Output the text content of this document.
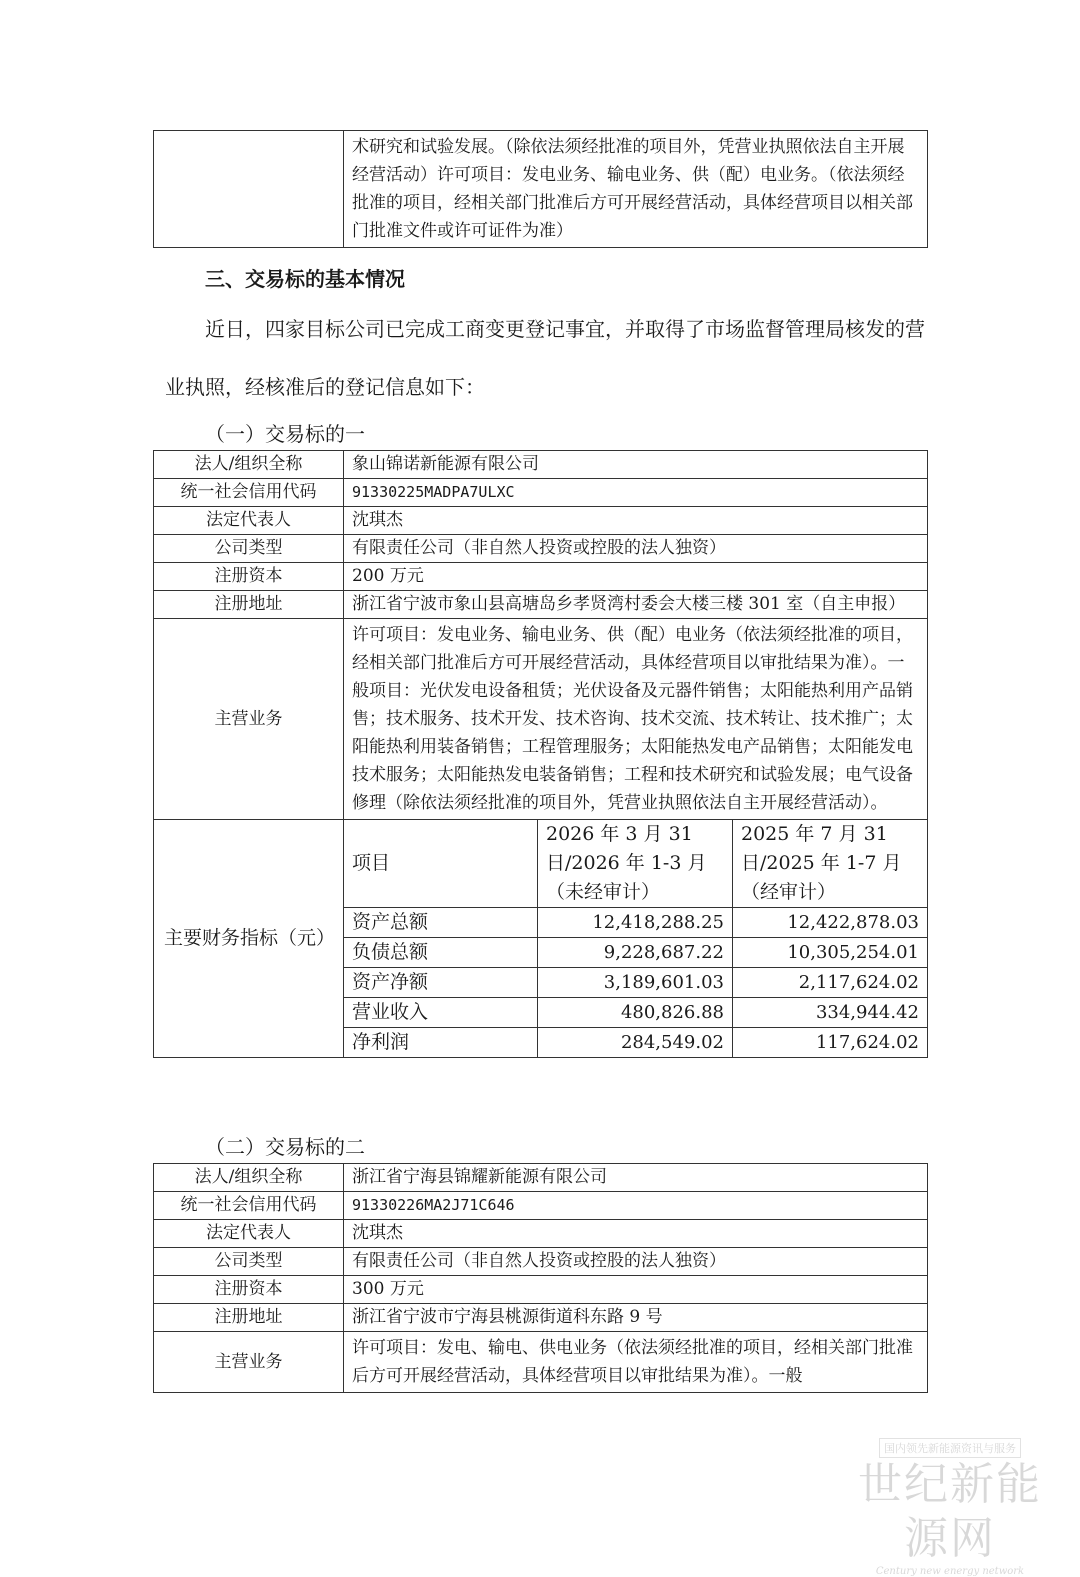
	术研究和试验发展。（除依法须经批准的项目外，凭营业执照依法自主开展经营活动）许可项目：发电业务、输电业务、供（配）电业务。（依法须经批准的项目，经相关部门批准后方可开展经营活动，具体经营项目以相关部门批准文件或许可证件为准）
三、交易标的基本情况
近日，四家目标公司已完成工商变更登记事宜，并取得了市场监督管理局核发的营业执照，经核准后的登记信息如下：
（一）交易标的一
法人/组织全称	象山锦诺新能源有限公司		
统一社会信用代码	91330225MADPA7ULXC		
法定代表人	沈琪杰		
公司类型	有限责任公司（非自然人投资或控股的法人独资）		
注册资本	200 万元		
注册地址	浙江省宁波市象山县高塘岛乡孝贤湾村委会大楼三楼 301 室（自主申报）		
主营业务	许可项目：发电业务、输电业务、供（配）电业务（依法须经批准的项目，经相关部门批准后方可开展经营活动，具体经营项目以审批结果为准）。一般项目：光伏发电设备租赁；光伏设备及元器件销售；太阳能热利用产品销售；技术服务、技术开发、技术咨询、技术交流、技术转让、技术推广；太阳能热利用装备销售；工程管理服务；太阳能热发电产品销售；太阳能发电技术服务；太阳能热发电装备销售；工程和技术研究和试验发展；电气设备修理（除依法须经批准的项目外，凭营业执照依法自主开展经营活动）。		
主要财务指标（元）	项目	2026 年 3 月 31 日/2026 年 1-3 月（未经审计）	2025 年 7 月 31 日/2025 年 1-7 月（经审计）
	资产总额	12,418,288.25	12,422,878.03
	负债总额	9,228,687.22	10,305,254.01
	资产净额	3,189,601.03	2,117,624.02
	营业收入	480,826.88	334,944.42
	净利润	284,549.02	117,624.02
（二）交易标的二
法人/组织全称	浙江省宁海县锦耀新能源有限公司
统一社会信用代码	91330226MA2J71C646
法定代表人	沈琪杰
公司类型	有限责任公司（非自然人投资或控股的法人独资）
注册资本	300 万元
注册地址	浙江省宁波市宁海县桃源街道科东路 9 号
主营业务	许可项目：发电、输电、供电业务（依法须经批准的项目，经相关部门批准后方可开展经营活动，具体经营项目以审批结果为准）。一般
国内领先新能源资讯与服务
世纪新能源网
Century new energy network
